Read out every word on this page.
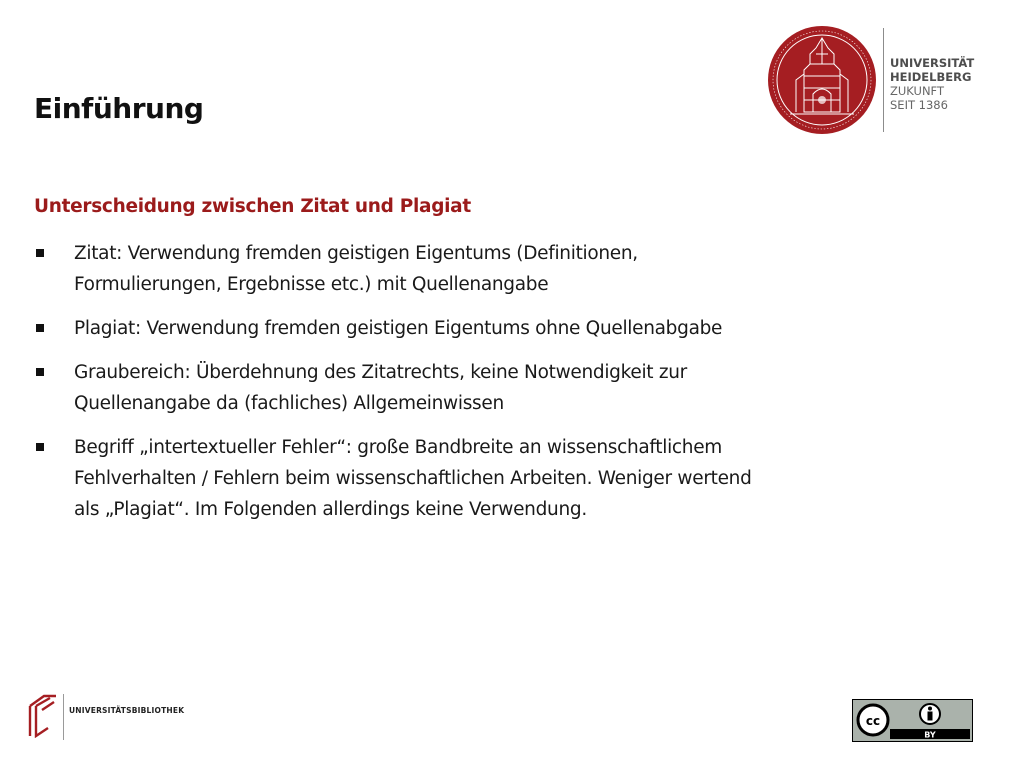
Einführung
UNIVERSITÄT
HEIDELBERG
ZUKUNFT
SEIT 1386
Unterscheidung zwischen Zitat und Plagiat
Zitat: Verwendung fremden geistigen Eigentums (Definitionen,
Formulierungen, Ergebnisse etc.) mit Quellenangabe
Plagiat: Verwendung fremden geistigen Eigentums ohne Quellenabgabe
Graubereich: Überdehnung des Zitatrechts, keine Notwendigkeit zur
Quellenangabe da (fachliches) Allgemeinwissen
Begriff „intertextueller Fehler“: große Bandbreite an wissenschaftlichem
Fehlverhalten / Fehlern beim wissenschaftlichen Arbeiten. Weniger wertend
als „Plagiat“. Im Folgenden allerdings keine Verwendung.
UNIVERSITÄTSBIBLIOTHEK
cc
BY
